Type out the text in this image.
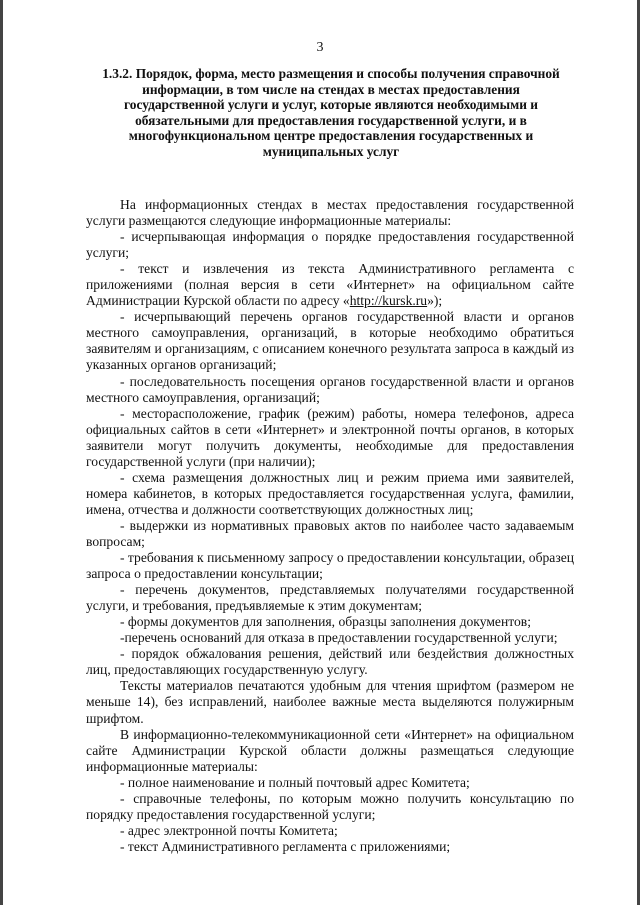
3
1.3.2. Порядок, форма, место размещения и способы получения справочной информации, в том числе на стендах в местах предоставления государственной услуги и услуг, которые являются необходимыми и обязательными для предоставления государственной услуги, и в многофункциональном центре предоставления государственных и муниципальных услуг

На информационных стендах в местах предоставления государственной услуги размещаются следующие информационные материалы:

- исчерпывающая информация о порядке предоставления государственной услуги;

- текст и извлечения из текста Административного регламента с приложениями (полная версия в сети «Интернет» на официальном сайте Администрации Курской области по адресу «http://kursk.ru»);

- исчерпывающий перечень органов государственной власти и органов местного самоуправления, организаций, в которые необходимо обратиться заявителям и организациям, с описанием конечного результата запроса в каждый из указанных органов организаций;

- последовательность посещения органов государственной власти и органов местного самоуправления, организаций;

- месторасположение, график (режим) работы, номера телефонов, адреса официальных сайтов в сети «Интернет» и электронной почты органов, в которых заявители могут получить документы, необходимые для предоставления государственной услуги (при наличии);

- схема размещения должностных лиц и режим приема ими заявителей, номера кабинетов, в которых предоставляется государственная услуга, фамилии, имена, отчества и должности соответствующих должностных лиц;

- выдержки из нормативных правовых актов по наиболее часто задаваемым вопросам;

- требования к письменному запросу о предоставлении консультации, образец запроса о предоставлении консультации;

- перечень документов, представляемых получателями государственной услуги, и требования, предъявляемые к этим документам;

- формы документов для заполнения, образцы заполнения документов;

-перечень оснований для отказа в предоставлении государственной услуги;

- порядок обжалования решения, действий или бездействия должностных лиц, предоставляющих государственную услугу.

Тексты материалов печатаются удобным для чтения шрифтом (размером не меньше 14), без исправлений, наиболее важные места выделяются полужирным шрифтом.

В информационно-телекоммуникационной сети «Интернет» на официальном сайте Администрации Курской области должны размещаться следующие информационные материалы:

- полное наименование и полный почтовый адрес Комитета;

- справочные телефоны, по которым можно получить консультацию по порядку предоставления государственной услуги;

- адрес электронной почты Комитета;

- текст Административного регламента с приложениями;
